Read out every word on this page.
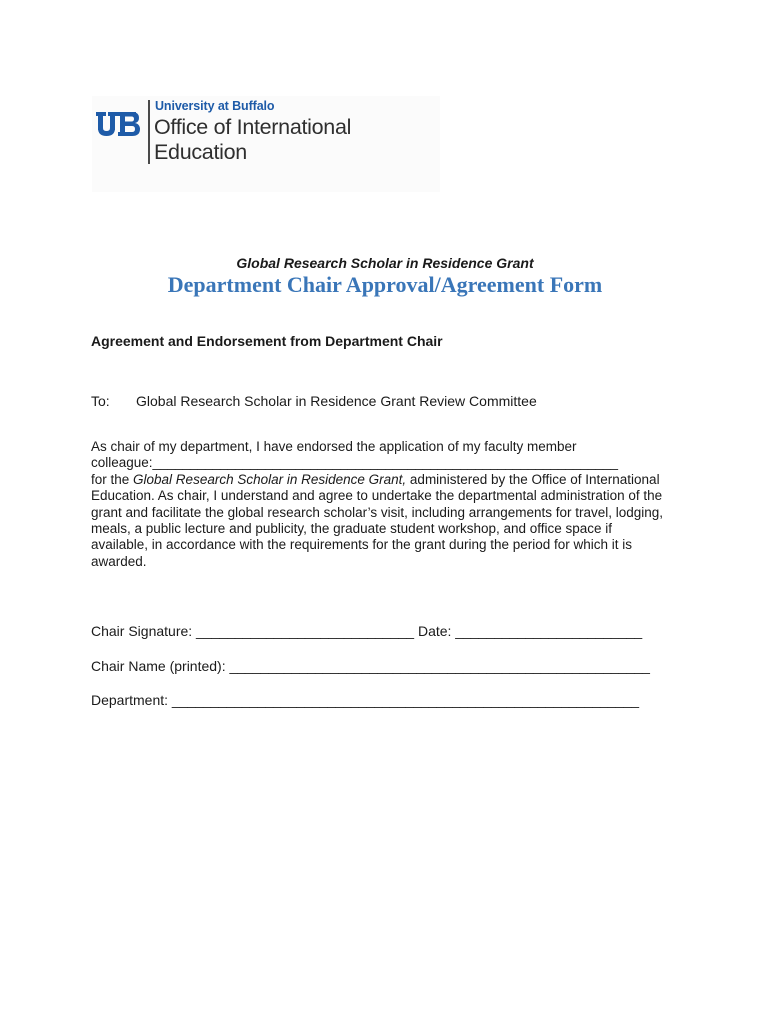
University at Buffalo
Office of International
Education
Global Research Scholar in Residence Grant
Department Chair Approval/Agreement Form
Agreement and Endorsement from Department Chair
To: Global Research Scholar in Residence Grant Review Committee
As chair of my department, I have endorsed the application of my faculty member
colleague:______________________________________________________________
for the Global Research Scholar in Residence Grant, administered by the Office of International
Education. As chair, I understand and agree to undertake the departmental administration of the
grant and facilitate the global research scholar’s visit, including arrangements for travel, lodging,
meals, a public lecture and publicity, the graduate student workshop, and office space if
available, in accordance with the requirements for the grant during the period for which it is
awarded.
Chair Signature: ____________________________ Date: ________________________
Chair Name (printed): ______________________________________________________
Department: ____________________________________________________________
